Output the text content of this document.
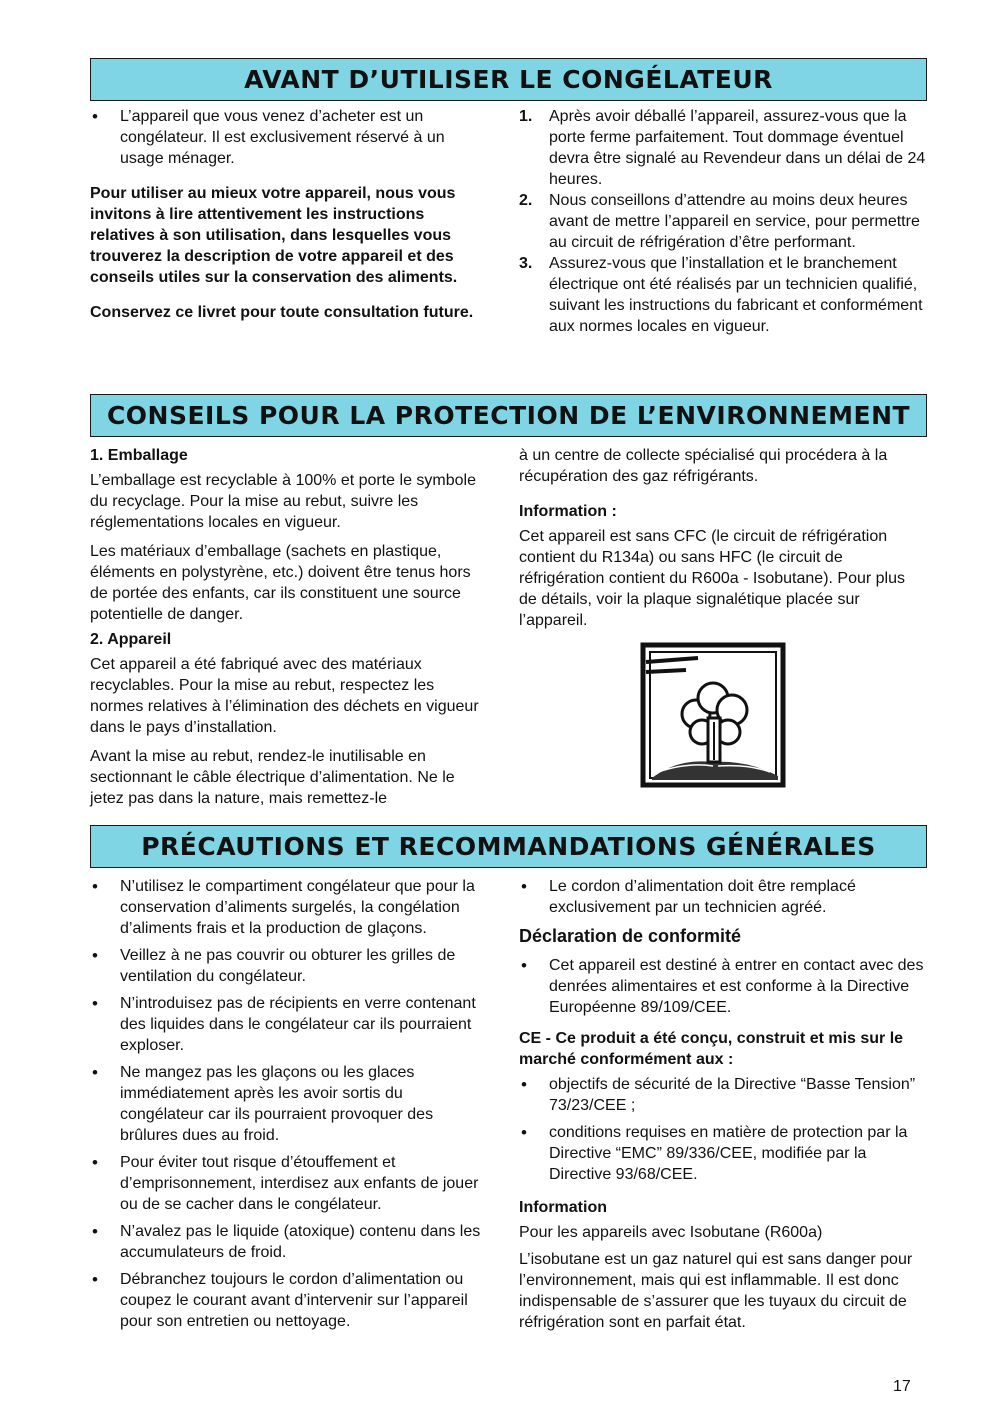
AVANT D’UTILISER LE CONGÉLATEUR
• L’appareil que vous venez d’acheter est un congélateur. Il est exclusivement réservé à un usage ménager.

Pour utiliser au mieux votre appareil, nous vous invitons à lire attentivement les instructions relatives à son utilisation, dans lesquelles vous trouverez la description de votre appareil et des conseils utiles sur la conservation des aliments.

Conservez ce livret pour toute consultation future.

1. Après avoir déballé l’appareil, assurez-vous que la porte ferme parfaitement. Tout dommage éventuel devra être signalé au Revendeur dans un délai de 24 heures.
2. Nous conseillons d’attendre au moins deux heures avant de mettre l’appareil en service, pour permettre au circuit de réfrigération d’être performant.
3. Assurez-vous que l’installation et le branchement électrique ont été réalisés par un technicien qualifié, suivant les instructions du fabricant et conformément aux normes locales en vigueur.
CONSEILS POUR LA PROTECTION DE L’ENVIRONNEMENT

1. Emballage

L’emballage est recyclable à 100% et porte le symbole du recyclage. Pour la mise au rebut, suivre les réglementations locales en vigueur.

Les matériaux d’emballage (sachets en plastique, éléments en polystyrène, etc.) doivent être tenus hors de portée des enfants, car ils constituent une source potentielle de danger.

2. Appareil

Cet appareil a été fabriqué avec des matériaux recyclables. Pour la mise au rebut, respectez les normes relatives à l’élimination des déchets en vigueur dans le pays d’installation.

Avant la mise au rebut, rendez-le inutilisable en sectionnant le câble électrique d’alimentation. Ne le jetez pas dans la nature, mais remettez-le

à un centre de collecte spécialisé qui procédera à la récupération des gaz réfrigérants.

Information :

Cet appareil est sans CFC (le circuit de réfrigération contient du R134a) ou sans HFC (le circuit de réfrigération contient du R600a - Isobutane). Pour plus de détails, voir la plaque signalétique placée sur l’appareil.

PRÉCAUTIONS ET RECOMMANDATIONS GÉNÉRALES
• N’utilisez le compartiment congélateur que pour la conservation d’aliments surgelés, la congélation d’aliments frais et la production de glaçons.
• Veillez à ne pas couvrir ou obturer les grilles de ventilation du congélateur.
• N’introduisez pas de récipients en verre contenant des liquides dans le congélateur car ils pourraient exploser.
• Ne mangez pas les glaçons ou les glaces immédiatement après les avoir sortis du congélateur car ils pourraient provoquer des brûlures dues au froid.
• Pour éviter tout risque d’étouffement et d’emprisonnement, interdisez aux enfants de jouer ou de se cacher dans le congélateur.
• N’avalez pas le liquide (atoxique) contenu dans les accumulateurs de froid.
• Débranchez toujours le cordon d’alimentation ou coupez le courant avant d’intervenir sur l’appareil pour son entretien ou nettoyage.
• Le cordon d’alimentation doit être remplacé exclusivement par un technicien agréé.

Déclaration de conformité

• Cet appareil est destiné à entrer en contact avec des denrées alimentaires et est conforme à la Directive Européenne 89/109/CEE.

CE - Ce produit a été conçu, construit et mis sur le marché conformément aux :

• objectifs de sécurité de la Directive “Basse Tension” 73/23/CEE ;
• conditions requises en matière de protection par la Directive “EMC” 89/336/CEE, modifiée par la Directive 93/68/CEE.

Information

Pour les appareils avec Isobutane (R600a)

L’isobutane est un gaz naturel qui est sans danger pour l’environnement, mais qui est inflammable. Il est donc indispensable de s’assurer que les tuyaux du circuit de réfrigération sont en parfait état.

17
